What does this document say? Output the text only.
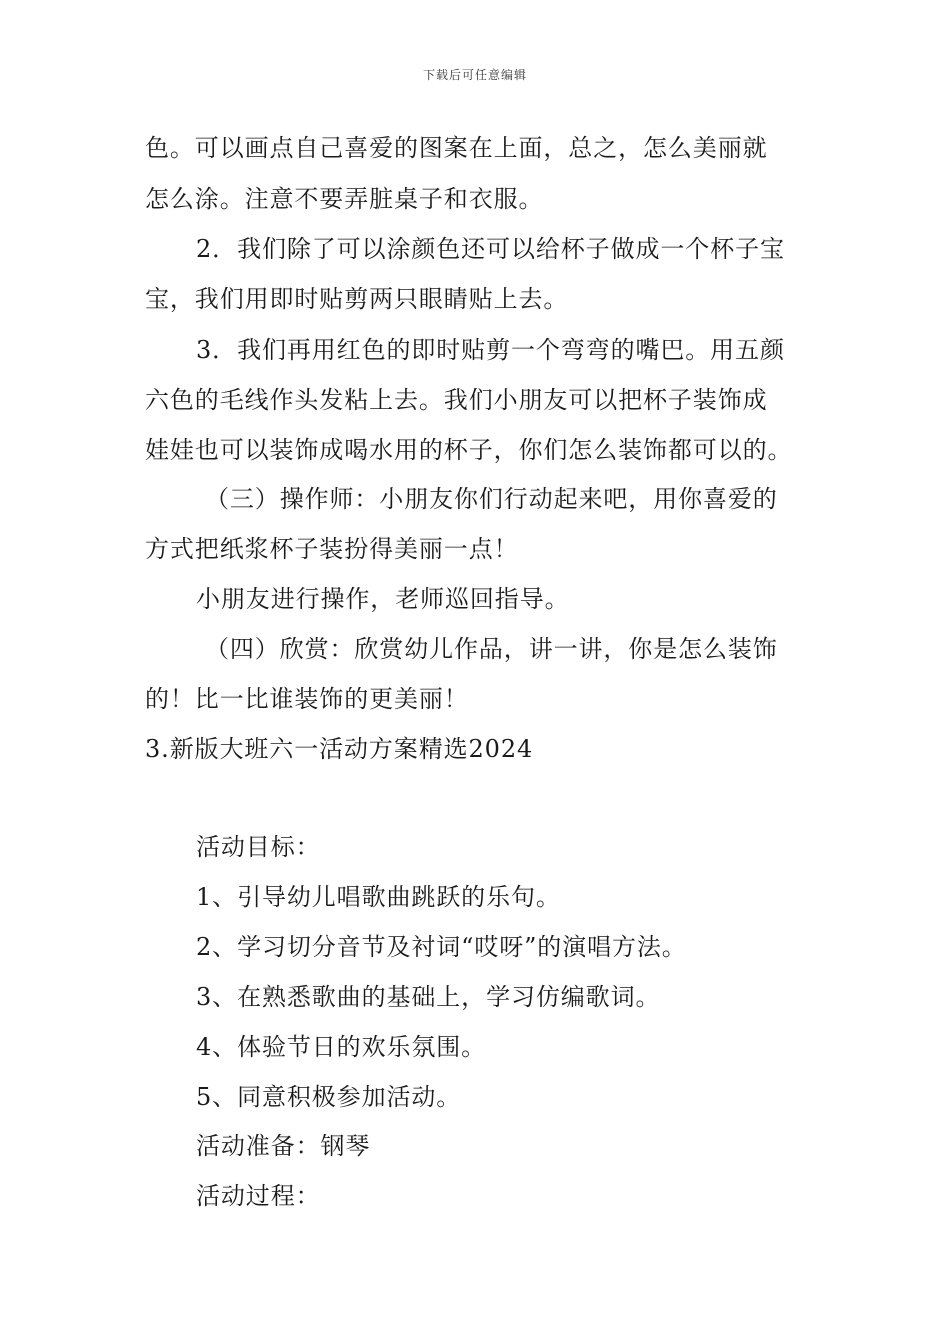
下载后可任意编辑
色。可以画点自己喜爱的图案在上面，总之，怎么美丽就
怎么涂。注意不要弄脏桌子和衣服。
2．我们除了可以涂颜色还可以给杯子做成一个杯子宝
宝，我们用即时贴剪两只眼睛贴上去。
3．我们再用红色的即时贴剪一个弯弯的嘴巴。用五颜
六色的毛线作头发粘上去。我们小朋友可以把杯子装饰成
娃娃也可以装饰成喝水用的杯子，你们怎么装饰都可以的。
（三）操作师：小朋友你们行动起来吧，用你喜爱的
方式把纸浆杯子装扮得美丽一点！
小朋友进行操作，老师巡回指导。
（四）欣赏：欣赏幼儿作品，讲一讲，你是怎么装饰
的！比一比谁装饰的更美丽！
3.新版大班六一活动方案精选2024
活动目标：
1、引导幼儿唱歌曲跳跃的乐句。
2、学习切分音节及衬词“哎呀”的演唱方法。
3、在熟悉歌曲的基础上，学习仿编歌词。
4、体验节日的欢乐氛围。
5、同意积极参加活动。
活动准备：钢琴
活动过程：
